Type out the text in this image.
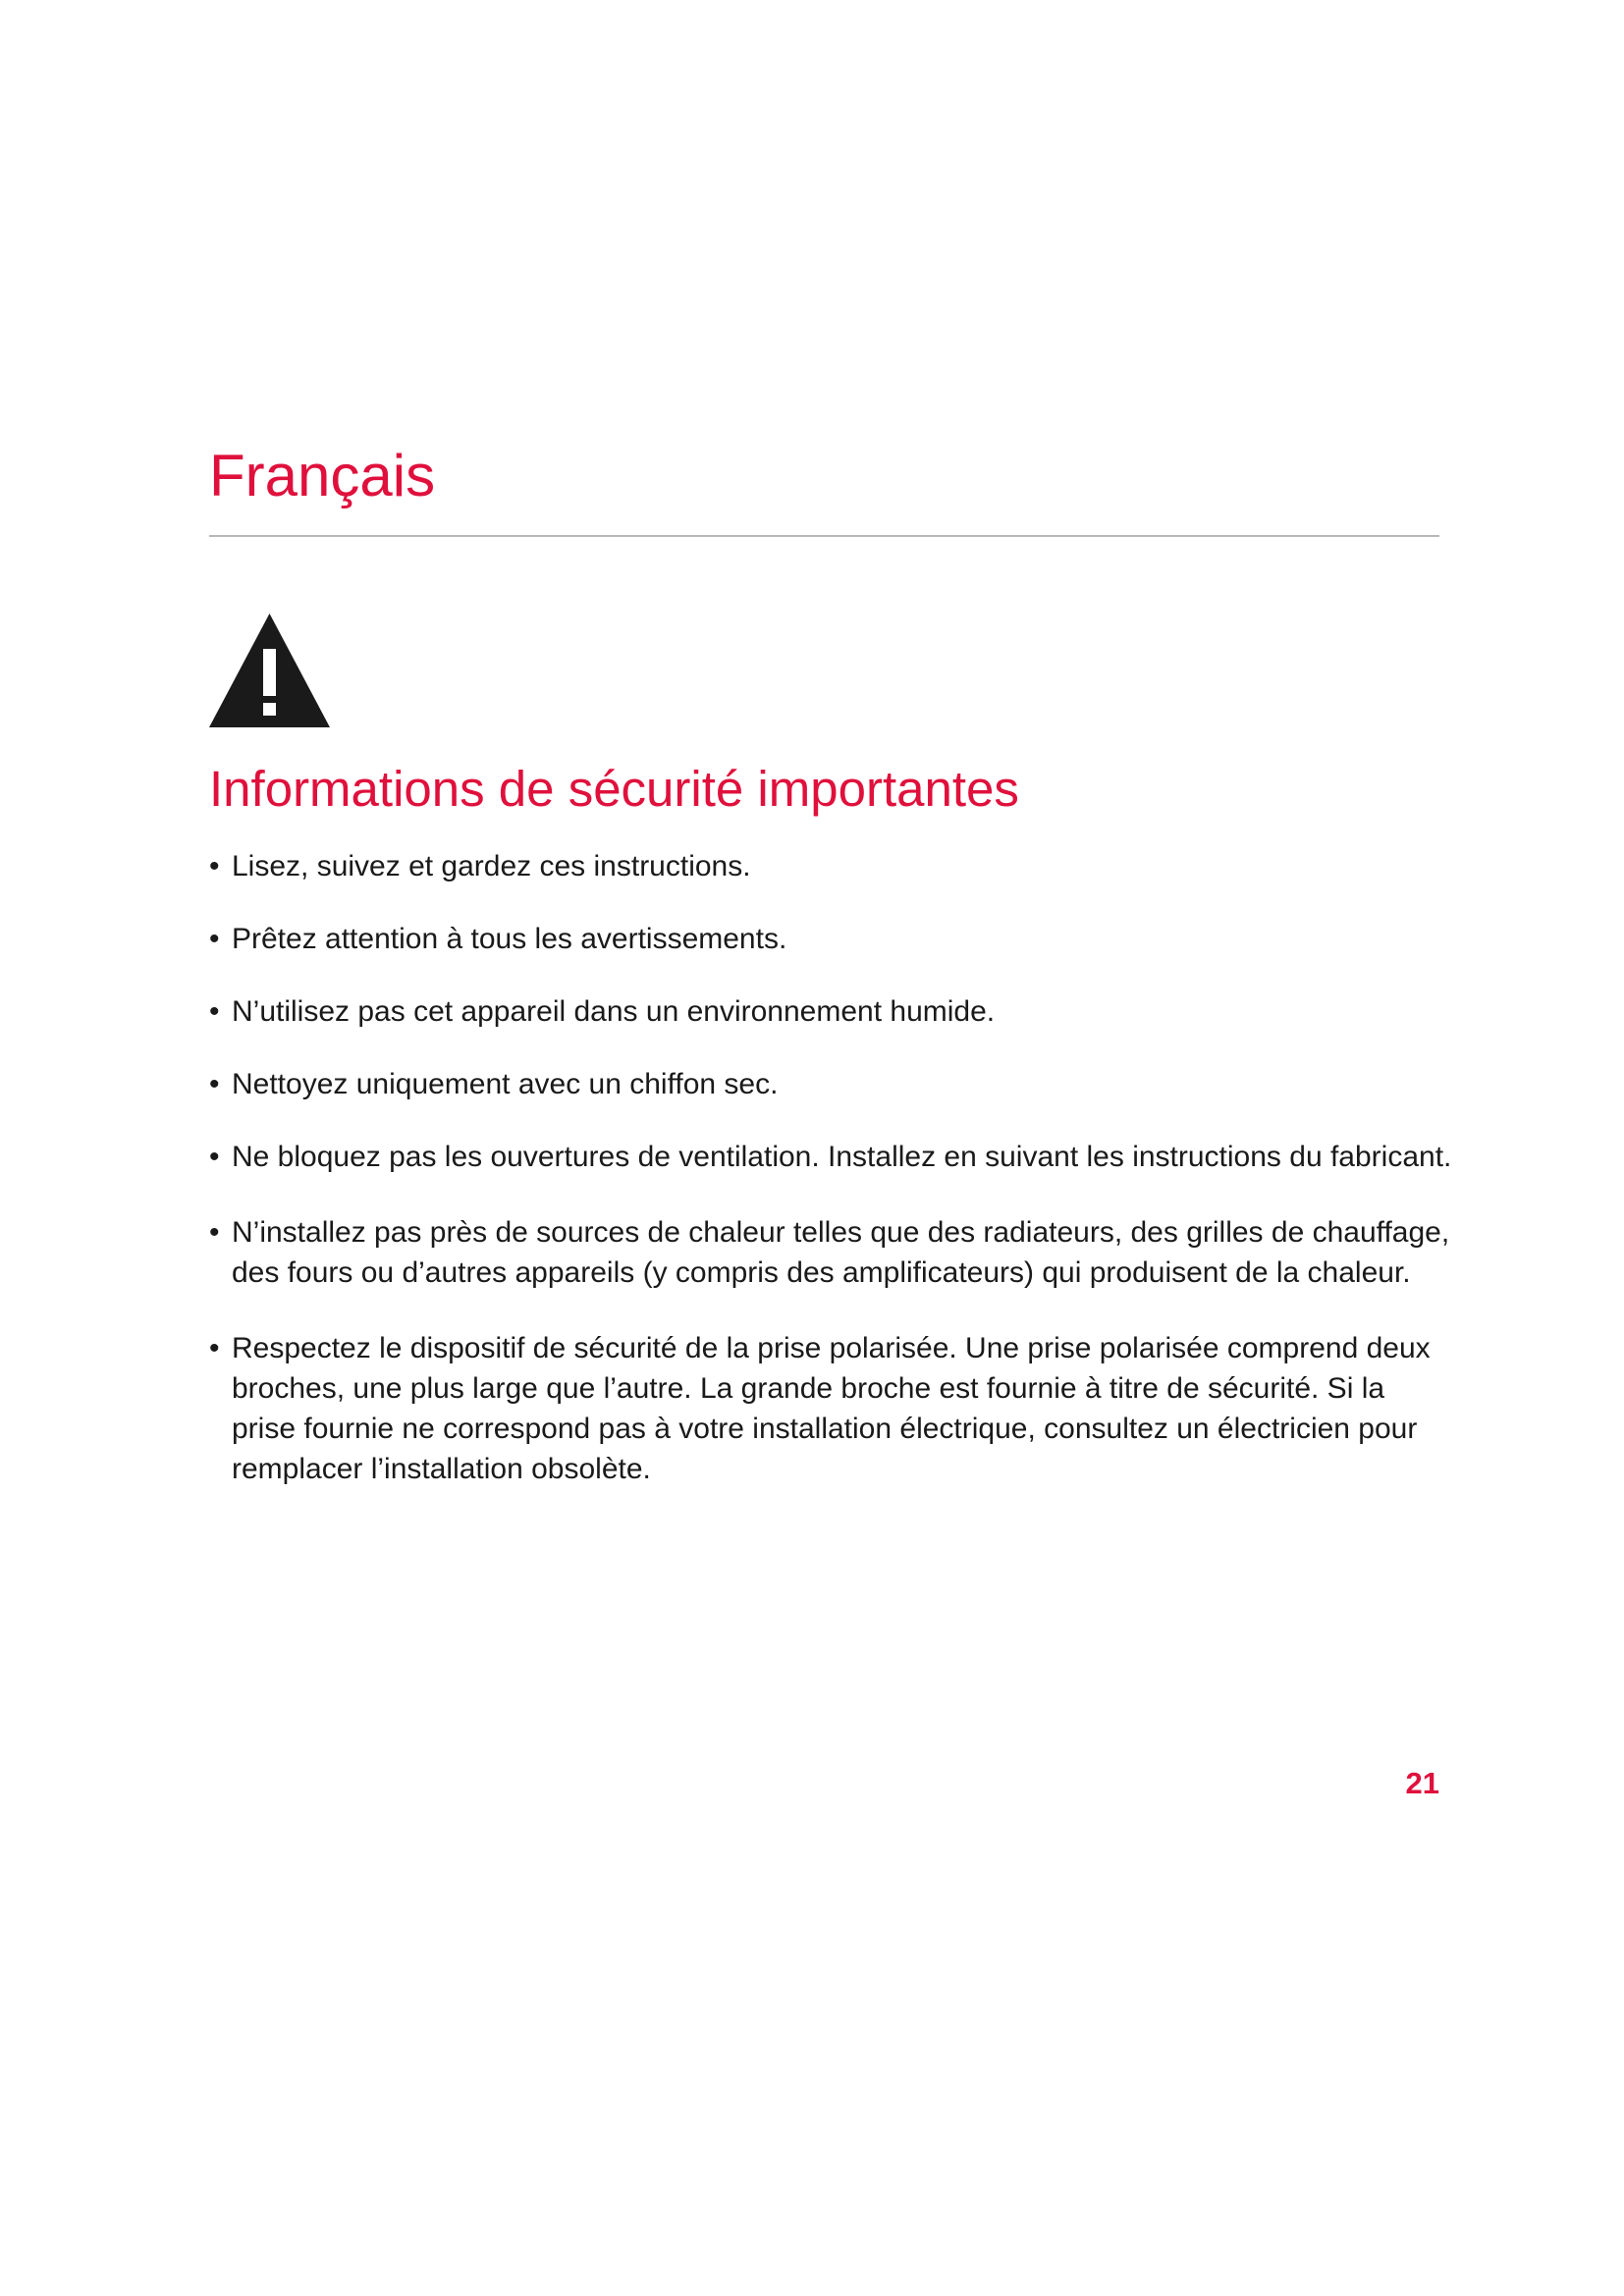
Français
Informations de sécurité importantes
• Lisez, suivez et gardez ces instructions.
• Prêtez attention à tous les avertissements.
• N’utilisez pas cet appareil dans un environnement humide.
• Nettoyez uniquement avec un chiffon sec.
• Ne bloquez pas les ouvertures de ventilation. Installez en suivant les instructions du fabricant.
• N’installez pas près de sources de chaleur telles que des radiateurs, des grilles de chauffage, des fours ou d’autres appareils (y compris des amplificateurs) qui produisent de la chaleur.
• Respectez le dispositif de sécurité de la prise polarisée. Une prise polarisée comprend deux broches, une plus large que l’autre. La grande broche est fournie à titre de sécurité. Si la prise fournie ne correspond pas à votre installation électrique, consultez un électricien pour remplacer l’installation obsolète.
21
